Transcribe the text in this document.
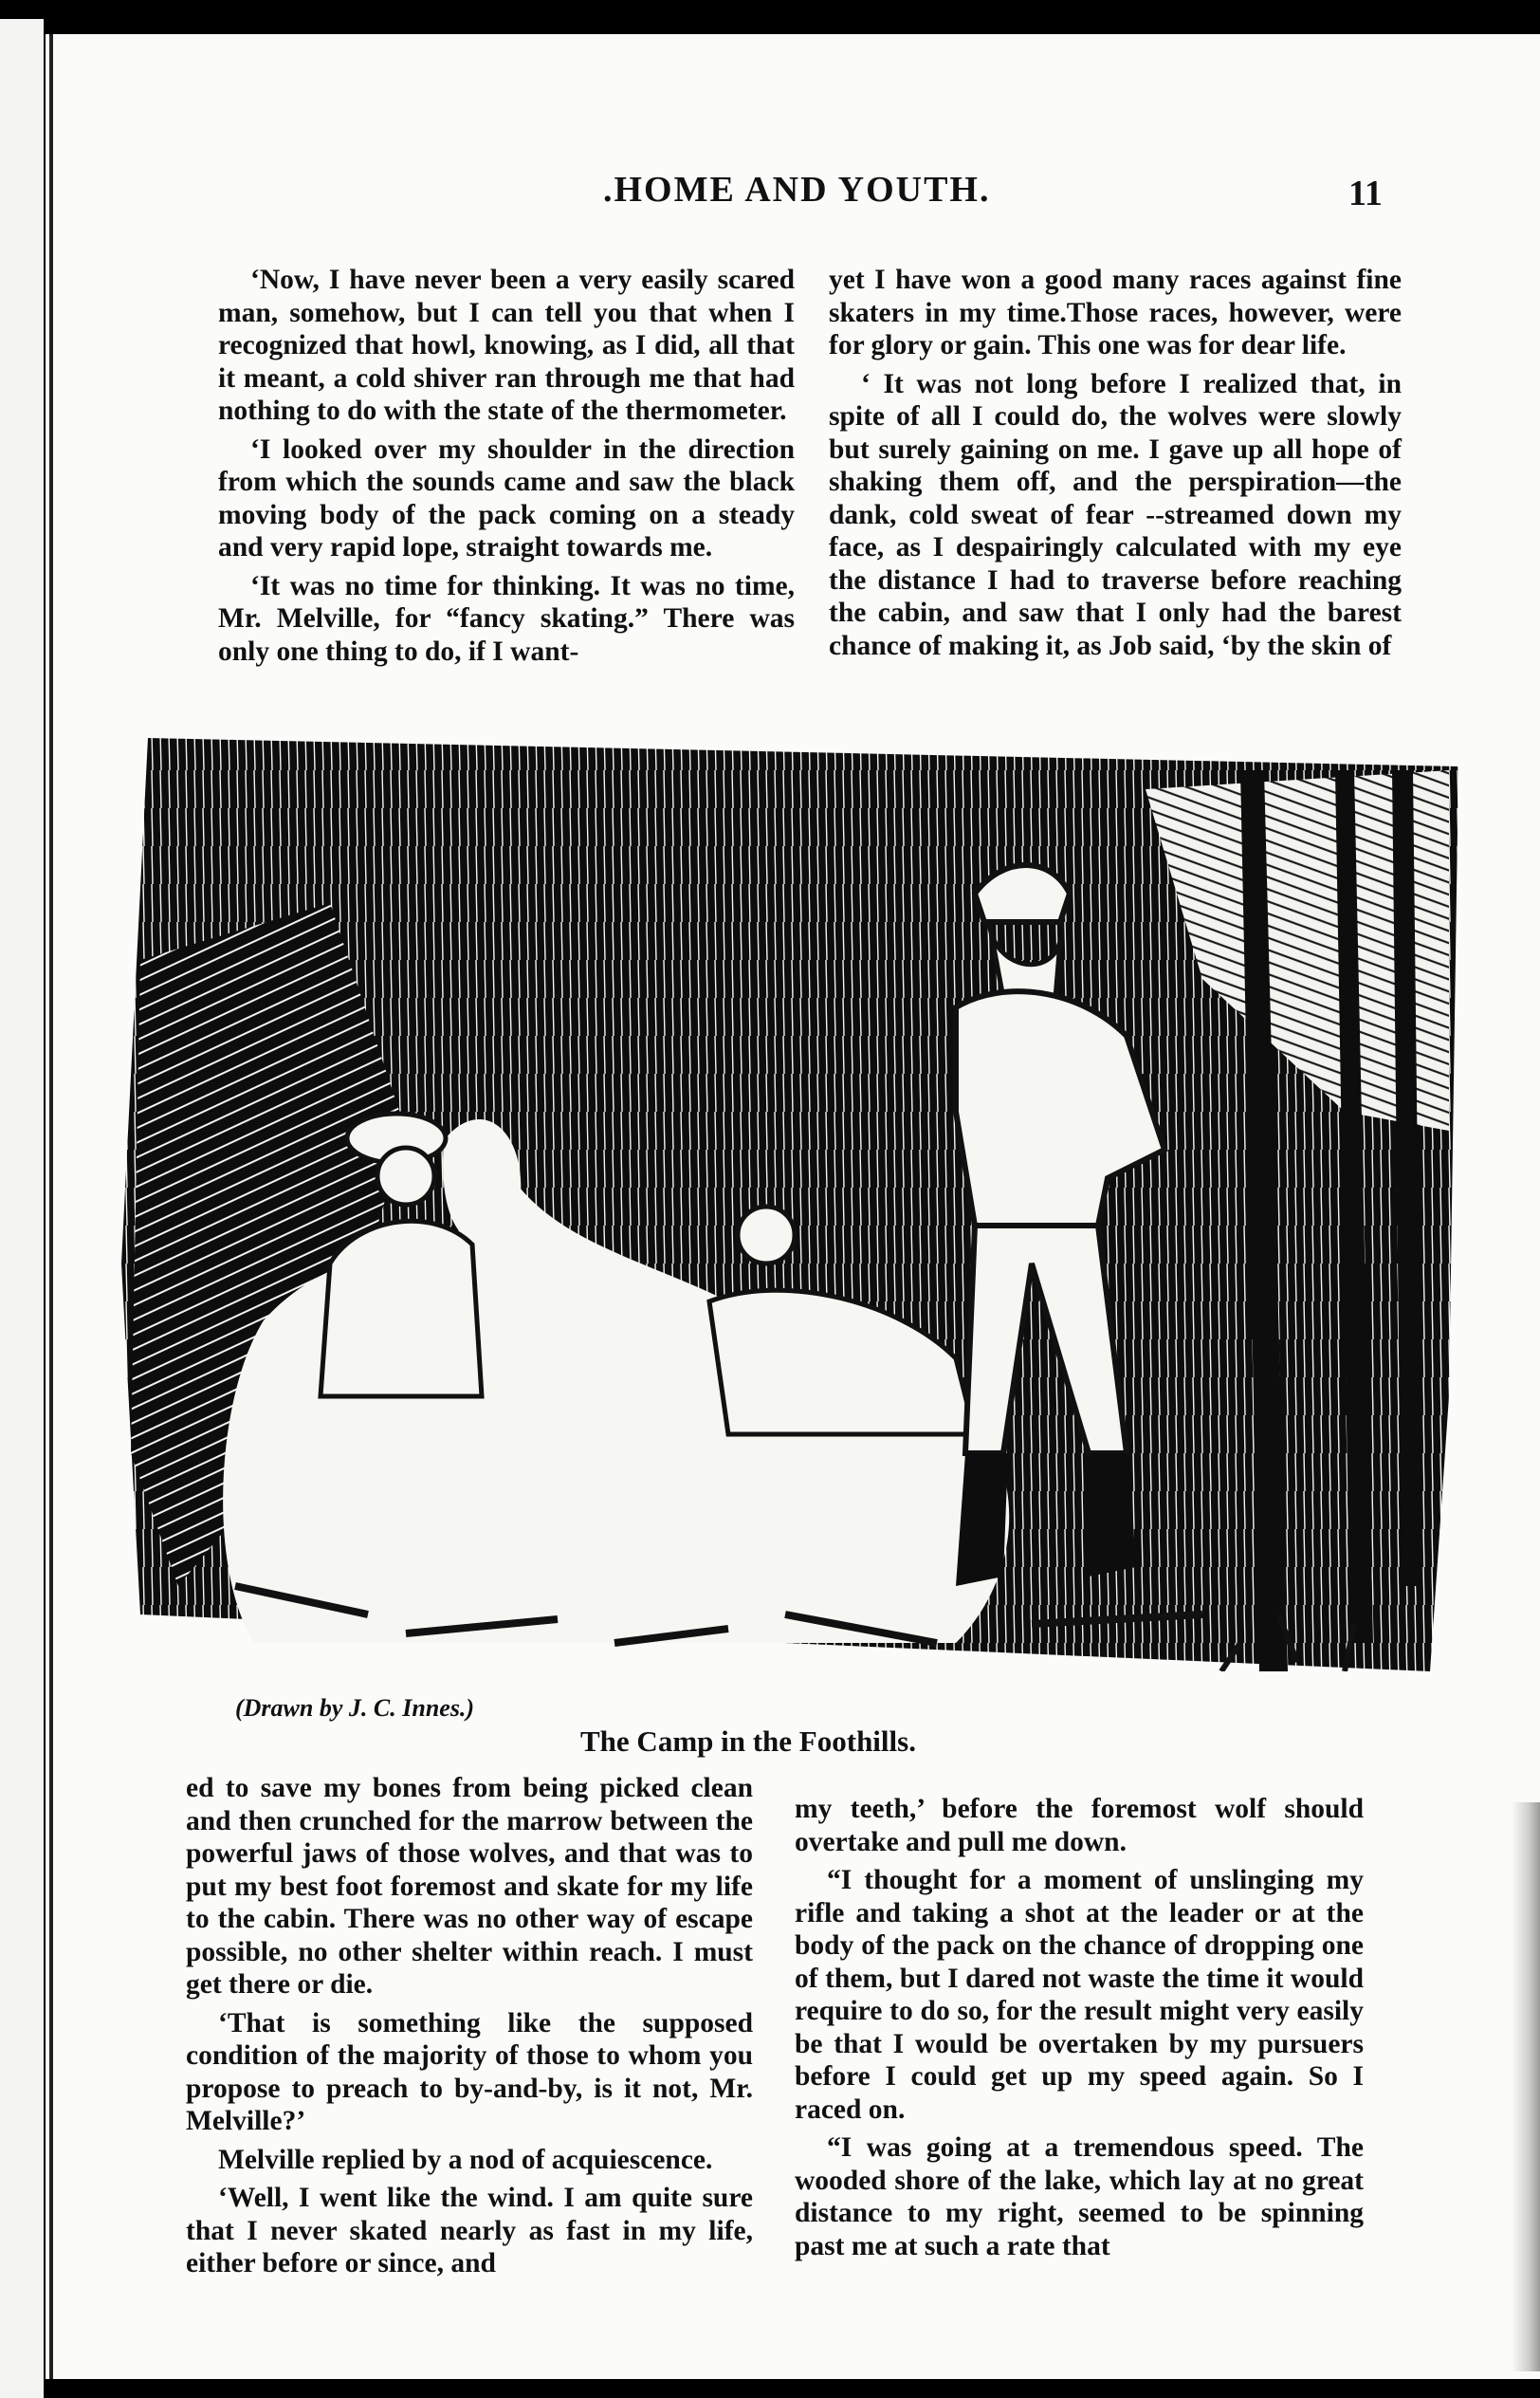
.HOME AND YOUTH.	11

‘Now, I have never been a very easily scared man, somehow, but I can tell you that when I recognized that howl, knowing, as I did, all that it meant, a cold shiver ran through me that had nothing to do with the state of the thermometer.

‘I looked over my shoulder in the direction from which the sounds came and saw the black moving body of the pack coming on a steady and very rapid lope, straight towards me.

‘It was no time for thinking. It was no time, Mr. Melville, for “fancy skating.” There was only one thing to do, if I want-

yet I have won a good many races against fine skaters in my time.Those races, however, were for glory or gain. This one was for dear life.

‘ It was not long before I realized that, in spite of all I could do, the wolves were slowly but surely gaining on me. I gave up all hope of shaking them off, and the perspiration—the dank, cold sweat of fear --streamed down my face, as I despairingly calculated with my eye the distance I had to traverse before reaching the cabin, and saw that I only had the barest chance of making it, as Job said, ‘by the skin of

(Drawn by J. C. Innes.)
The Camp in the Foothills.

ed to save my bones from being picked clean and then crunched for the marrow between the powerful jaws of those wolves, and that was to put my best foot foremost and skate for my life to the cabin. There was no other way of escape possible, no other shelter within reach. I must get there or die.

‘That is something like the supposed condition of the majority of those to whom you propose to preach to by-and-by, is it not, Mr. Melville?’

Melville replied by a nod of acquiescence.

‘Well, I went like the wind. I am quite sure that I never skated nearly as fast in my life, either before or since, and

my teeth,’ before the foremost wolf should overtake and pull me down.

“I thought for a moment of unslinging my rifle and taking a shot at the leader or at the body of the pack on the chance of dropping one of them, but I dared not waste the time it would require to do so, for the result might very easily be that I would be overtaken by my pursuers before I could get up my speed again. So I raced on.

“I was going at a tremendous speed. The wooded shore of the lake, which lay at no great distance to my right, seemed to be spinning past me at such a rate that
